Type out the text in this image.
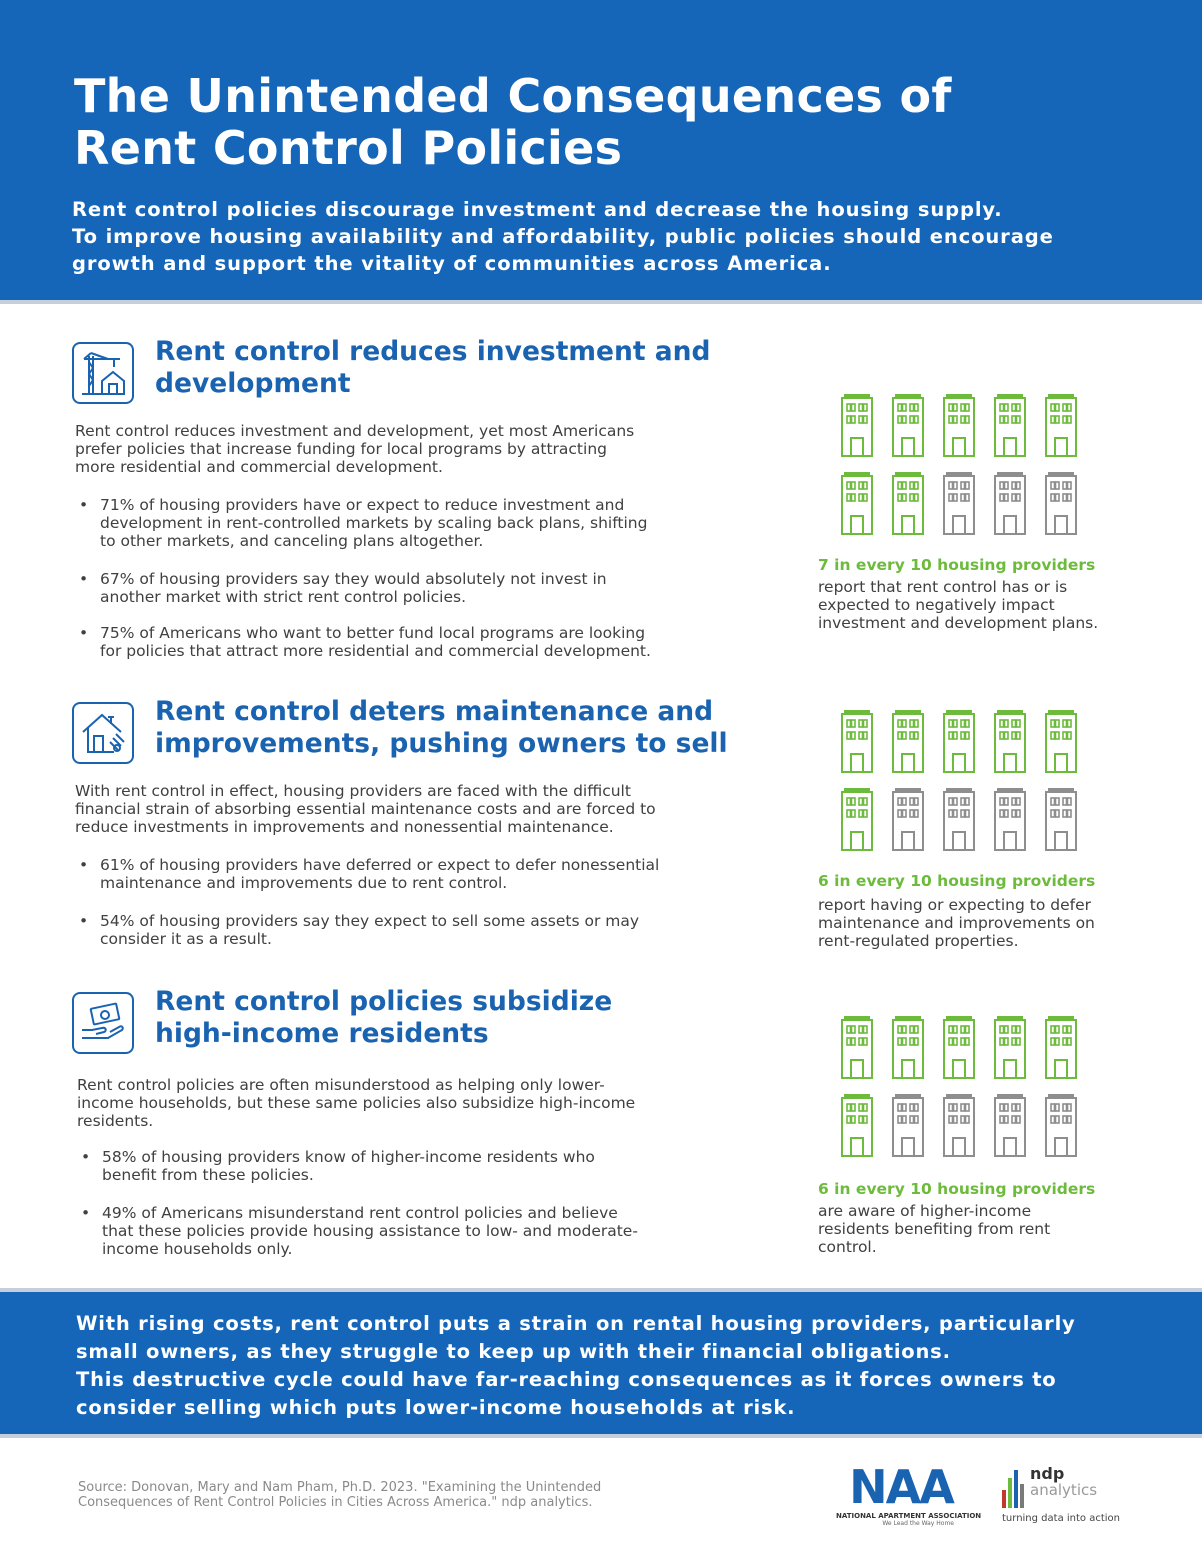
The Unintended Consequences of
Rent Control Policies

Rent control policies discourage investment and decrease the housing supply.
To improve housing availability and affordability, public policies should encourage
growth and support the vitality of communities across America.

Rent control reduces investment and
development

Rent control reduces investment and development, yet most Americans
prefer policies that increase funding for local programs by attracting
more residential and commercial development.

• 71% of housing providers have or expect to reduce investment and
development in rent-controlled markets by scaling back plans, shifting
to other markets, and canceling plans altogether.
• 67% of housing providers say they would absolutely not invest in
another market with strict rent control policies.
• 75% of Americans who want to better fund local programs are looking
for policies that attract more residential and commercial development.
Rent control deters maintenance and
improvements, pushing owners to sell

With rent control in effect, housing providers are faced with the difficult
financial strain of absorbing essential maintenance costs and are forced to
reduce investments in improvements and nonessential maintenance.

• 61% of housing providers have deferred or expect to defer nonessential
maintenance and improvements due to rent control.
• 54% of housing providers say they expect to sell some assets or may
consider it as a result.
Rent control policies subsidize
high-income residents

Rent control policies are often misunderstood as helping only lower-
income households, but these same policies also subsidize high-income
residents.

• 58% of housing providers know of higher-income residents who
benefit from these policies.
• 49% of Americans misunderstand rent control policies and believe
that these policies provide housing assistance to low- and moderate-
income households only.

7 in every 10 housing providers

report that rent control has or is
expected to negatively impact
investment and development plans.

6 in every 10 housing providers

report having or expecting to defer
maintenance and improvements on
rent-regulated properties.

6 in every 10 housing providers

are aware of higher-income
residents benefiting from rent
control.

With rising costs, rent control puts a strain on rental housing providers, particularly
small owners, as they struggle to keep up with their financial obligations.
This destructive cycle could have far-reaching consequences as it forces owners to
consider selling which puts lower-income households at risk.

Source: Donovan, Mary and Nam Pham, Ph.D. 2023. "Examining the Unintended
Consequences of Rent Control Policies in Cities Across America." ndp analytics.	NAA
NATIONAL APARTMENT ASSOCIATION
We Lead the Way Home
ndp
analytics
turning data into action
